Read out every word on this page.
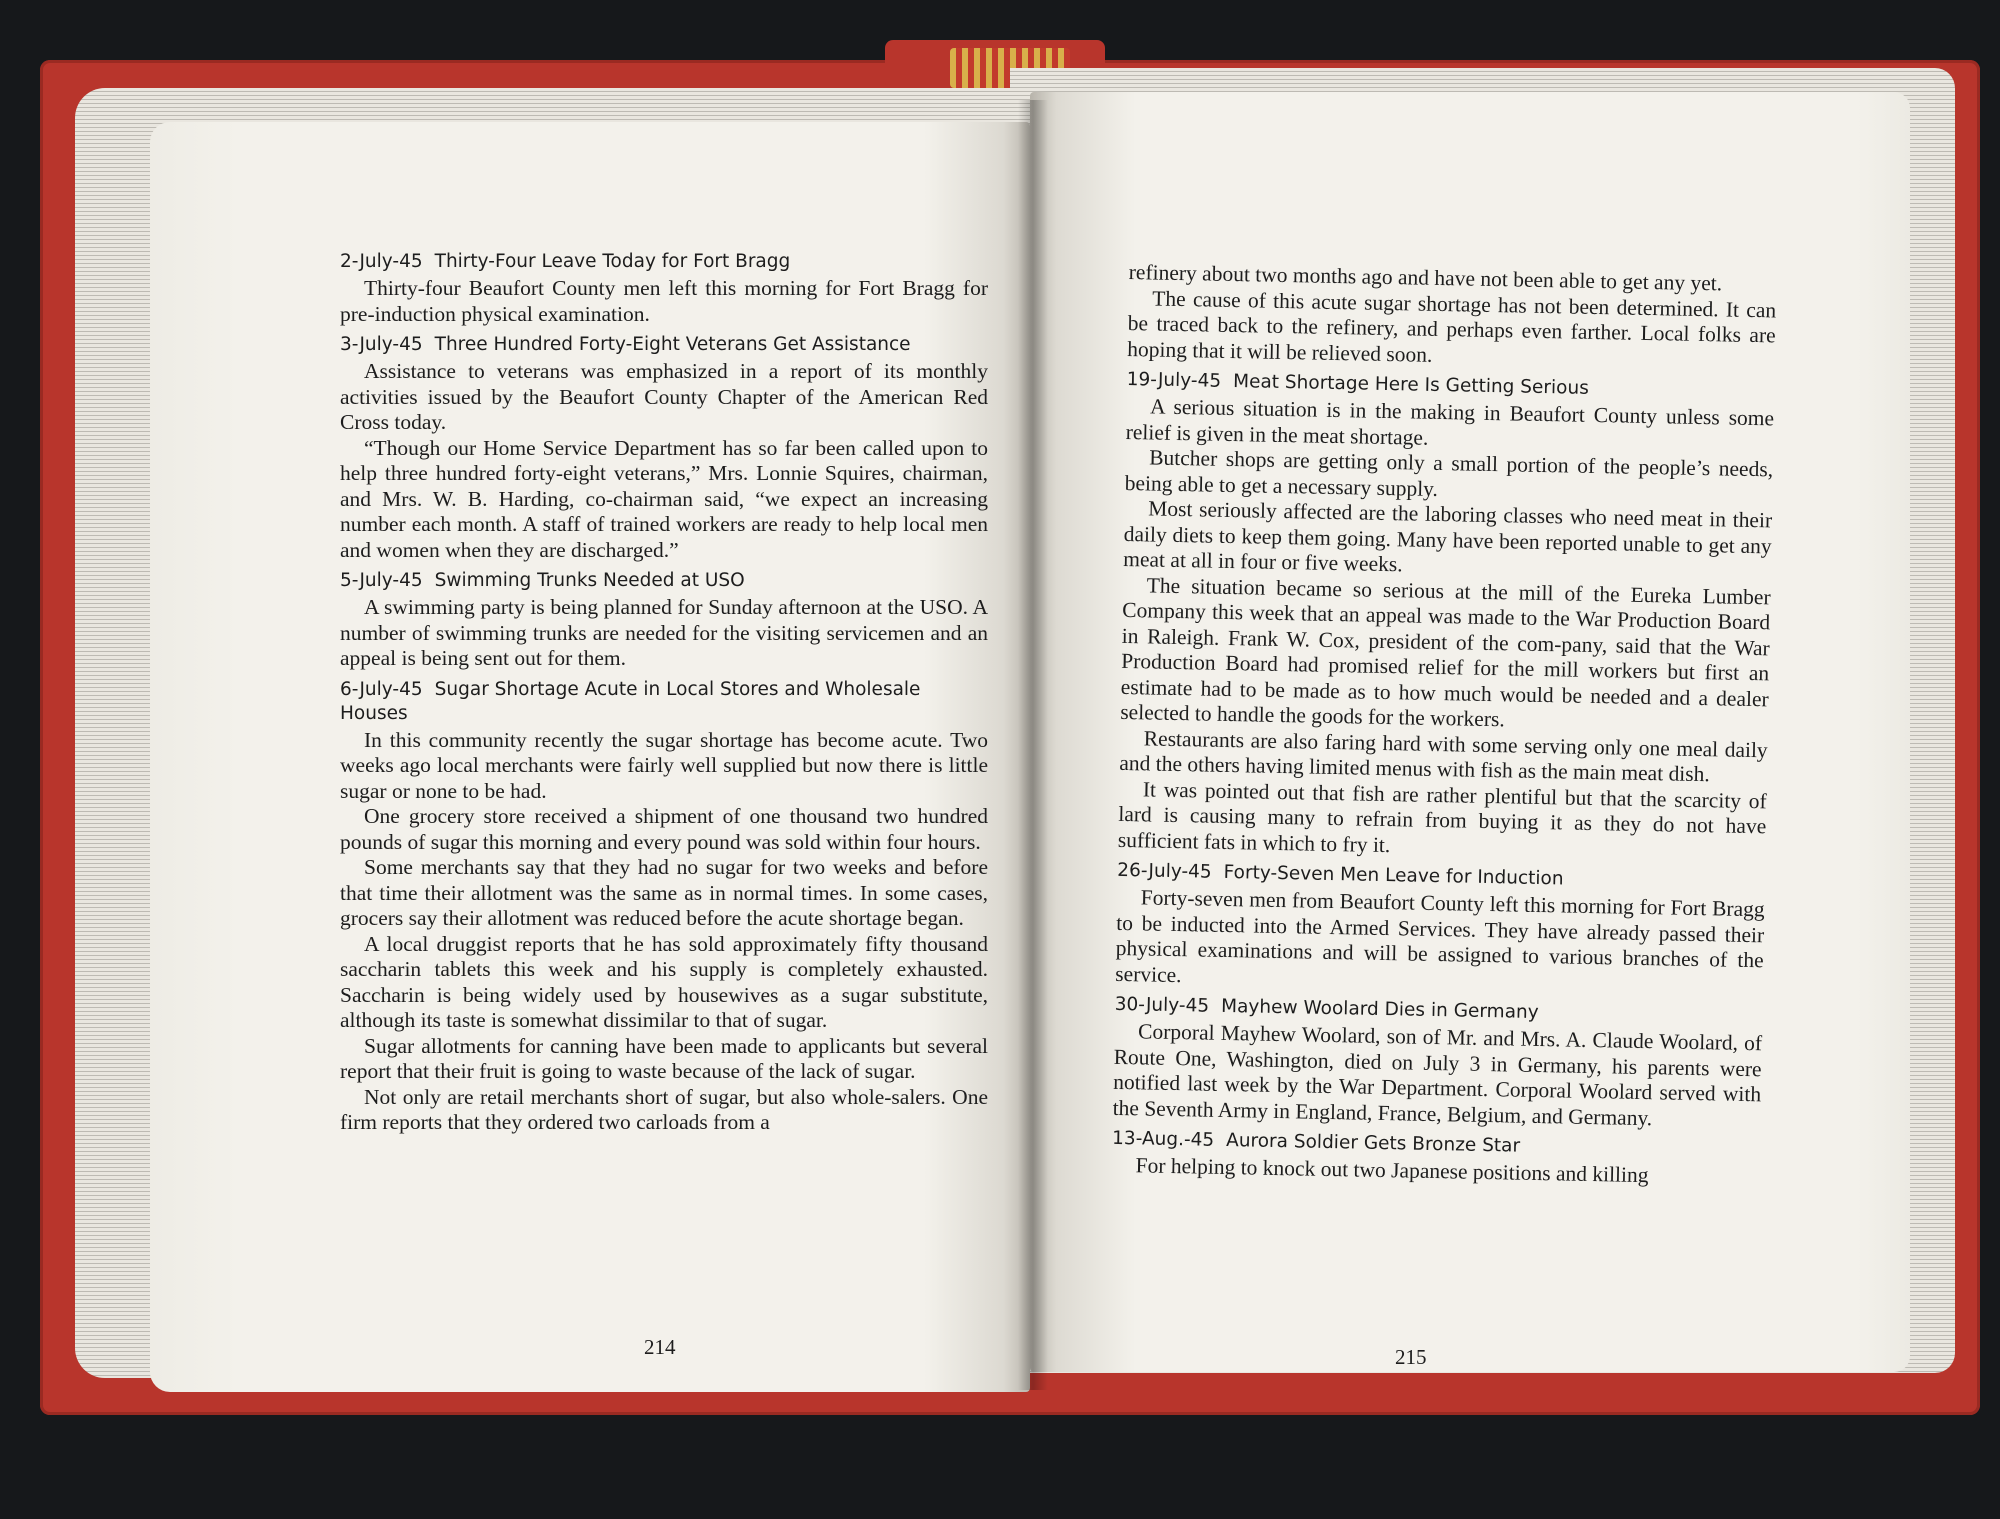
2-July-45 Thirty-Four Leave Today for Fort Bragg

Thirty-four Beaufort County men left this morning for Fort Bragg for pre-induction physical examination.

3-July-45 Three Hundred Forty-Eight Veterans Get Assistance

Assistance to veterans was emphasized in a report of its monthly activities issued by the Beaufort County Chapter of the American Red Cross today.

“Though our Home Service Department has so far been called upon to help three hundred forty-eight veterans,” Mrs. Lonnie Squires, chairman, and Mrs. W. B. Harding, co-chairman said, “we expect an increasing number each month. A staff of trained workers are ready to help local men and women when they are discharged.”

5-July-45 Swimming Trunks Needed at USO

A swimming party is being planned for Sunday afternoon at the USO. A number of swimming trunks are needed for the visiting servicemen and an appeal is being sent out for them.

6-July-45 Sugar Shortage Acute in Local Stores and Wholesale Houses

In this community recently the sugar shortage has become acute. Two weeks ago local merchants were fairly well supplied but now there is little sugar or none to be had.

One grocery store received a shipment of one thousand two hundred pounds of sugar this morning and every pound was sold within four hours.

Some merchants say that they had no sugar for two weeks and before that time their allotment was the same as in normal times. In some cases, grocers say their allotment was reduced before the acute shortage began.

A local druggist reports that he has sold approximately fifty thousand saccharin tablets this week and his supply is completely exhausted. Saccharin is being widely used by housewives as a sugar substitute, although its taste is somewhat dissimilar to that of sugar.

Sugar allotments for canning have been made to applicants but several report that their fruit is going to waste because of the lack of sugar.

Not only are retail merchants short of sugar, but also whole-salers. One firm reports that they ordered two carloads from a

214

refinery about two months ago and have not been able to get any yet.

The cause of this acute sugar shortage has not been determined. It can be traced back to the refinery, and perhaps even farther. Local folks are hoping that it will be relieved soon.

19-July-45 Meat Shortage Here Is Getting Serious

A serious situation is in the making in Beaufort County unless some relief is given in the meat shortage.

Butcher shops are getting only a small portion of the people’s needs, being able to get a necessary supply.

Most seriously affected are the laboring classes who need meat in their daily diets to keep them going. Many have been reported unable to get any meat at all in four or five weeks.

The situation became so serious at the mill of the Eureka Lumber Company this week that an appeal was made to the War Production Board in Raleigh. Frank W. Cox, president of the com-pany, said that the War Production Board had promised relief for the mill workers but first an estimate had to be made as to how much would be needed and a dealer selected to handle the goods for the workers.

Restaurants are also faring hard with some serving only one meal daily and the others having limited menus with fish as the main meat dish.

It was pointed out that fish are rather plentiful but that the scarcity of lard is causing many to refrain from buying it as they do not have sufficient fats in which to fry it.

26-July-45 Forty-Seven Men Leave for Induction

Forty-seven men from Beaufort County left this morning for Fort Bragg to be inducted into the Armed Services. They have already passed their physical examinations and will be assigned to various branches of the service.

30-July-45 Mayhew Woolard Dies in Germany

Corporal Mayhew Woolard, son of Mr. and Mrs. A. Claude Woolard, of Route One, Washington, died on July 3 in Germany, his parents were notified last week by the War Department. Corporal Woolard served with the Seventh Army in England, France, Belgium, and Germany.

13-Aug.-45 Aurora Soldier Gets Bronze Star

For helping to knock out two Japanese positions and killing

215
